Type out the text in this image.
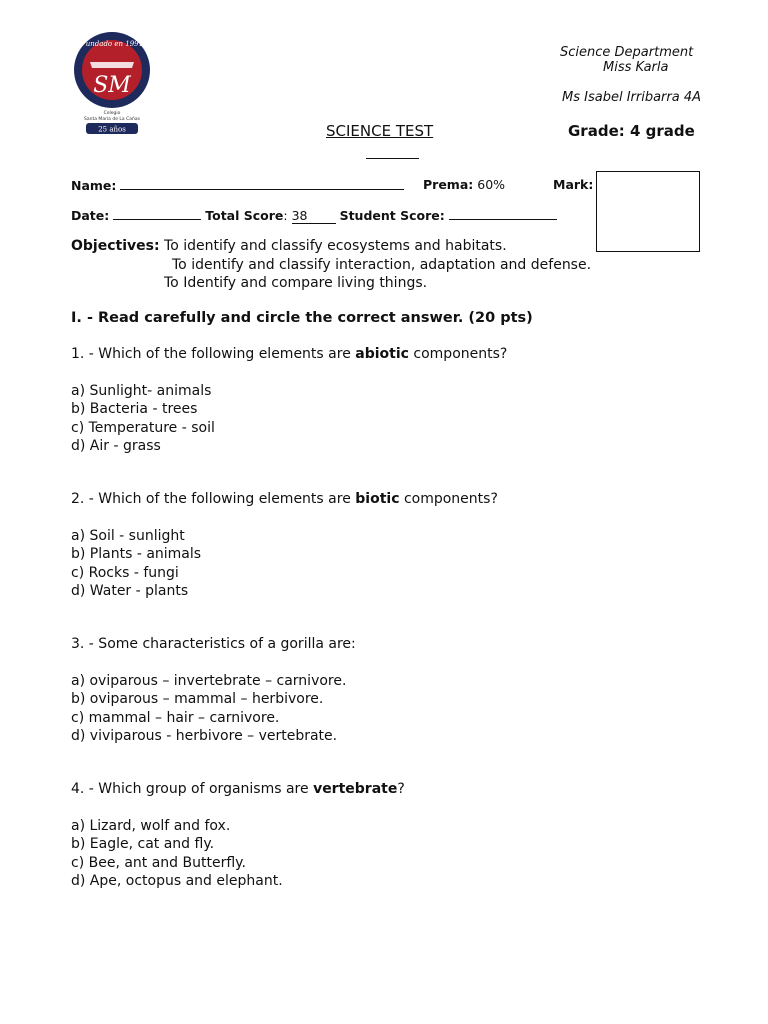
Fundado en 1991
SM
Colegio
Santa María de La Cañas
25 años
Science Department
Miss Karla
Ms Isabel Irribarra 4A
SCIENCE TEST	Grade: 4 grade
Name:	Prema: 60%	Mark:
Date:	Total Score: 38	Student Score:
Objectives: To identify and classify ecosystems and habitats.
To identify and classify interaction, adaptation and defense.
To Identify and compare living things.
I. - Read carefully and circle the correct answer. (20 pts)
1. - Which of the following elements are abiotic components?
a) Sunlight- animals
b) Bacteria - trees
c) Temperature - soil
d) Air - grass
2. - Which of the following elements are biotic components?
a) Soil - sunlight
b) Plants - animals
c) Rocks - fungi
d) Water - plants
3. - Some characteristics of a gorilla are:
a) oviparous – invertebrate – carnivore.
b) oviparous – mammal – herbivore.
c) mammal – hair – carnivore.
d) viviparous - herbivore – vertebrate.
4. - Which group of organisms are vertebrate?
a) Lizard, wolf and fox.
b) Eagle, cat and fly.
c) Bee, ant and Butterfly.
d) Ape, octopus and elephant.
